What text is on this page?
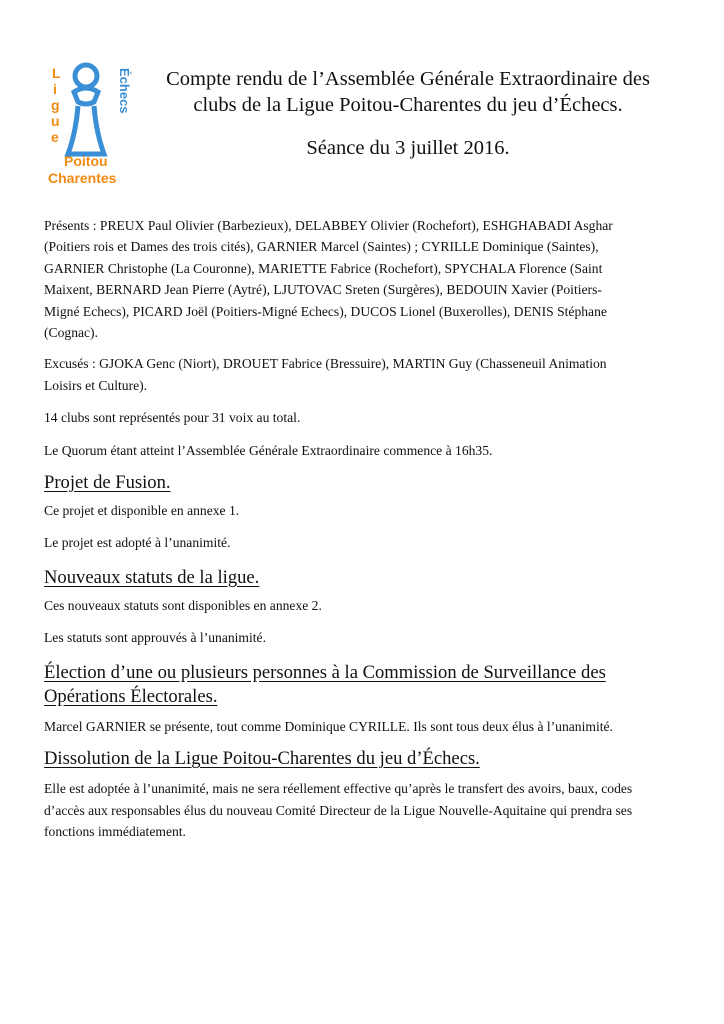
L
i
g
u
e
Échecs
Poitou
Charentes

Compte rendu de l’Assemblée Générale Extraordinaire des

clubs de la Ligue Poitou-Charentes du jeu d’Échecs.

Séance du 3 juillet 2016.

Présents : PREUX Paul Olivier (Barbezieux), DELABBEY Olivier (Rochefort), ESHGHABADI Asghar

(Poitiers rois et Dames des trois cités), GARNIER Marcel (Saintes) ; CYRILLE Dominique (Saintes),

GARNIER Christophe (La Couronne), MARIETTE Fabrice (Rochefort), SPYCHALA Florence (Saint

Maixent, BERNARD Jean Pierre (Aytré), LJUTOVAC Sreten (Surgères), BEDOUIN Xavier (Poitiers-

Migné Echecs), PICARD Joël (Poitiers-Migné Echecs), DUCOS Lionel (Buxerolles), DENIS Stéphane

(Cognac).

Excusés : GJOKA Genc (Niort), DROUET Fabrice (Bressuire), MARTIN Guy (Chasseneuil Animation

Loisirs et Culture).

14 clubs sont représentés pour 31 voix au total.

Le Quorum étant atteint l’Assemblée Générale Extraordinaire commence à 16h35.

Projet de Fusion.

Ce projet et disponible en annexe 1.

Le projet est adopté à l’unanimité.

Nouveaux statuts de la ligue.

Ces nouveaux statuts sont disponibles en annexe 2.

Les statuts sont approuvés à l’unanimité.

Élection d’une ou plusieurs personnes à la Commission de Surveillance des
Opérations Électorales.

Marcel GARNIER se présente, tout comme Dominique CYRILLE. Ils sont tous deux élus à l’unanimité.

Dissolution de la Ligue Poitou-Charentes du jeu d’Échecs.

Elle est adoptée à l’unanimité, mais ne sera réellement effective qu’après le transfert des avoirs, baux, codes

d’accès aux responsables élus du nouveau Comité Directeur de la Ligue Nouvelle-Aquitaine qui prendra ses

fonctions immédiatement.
